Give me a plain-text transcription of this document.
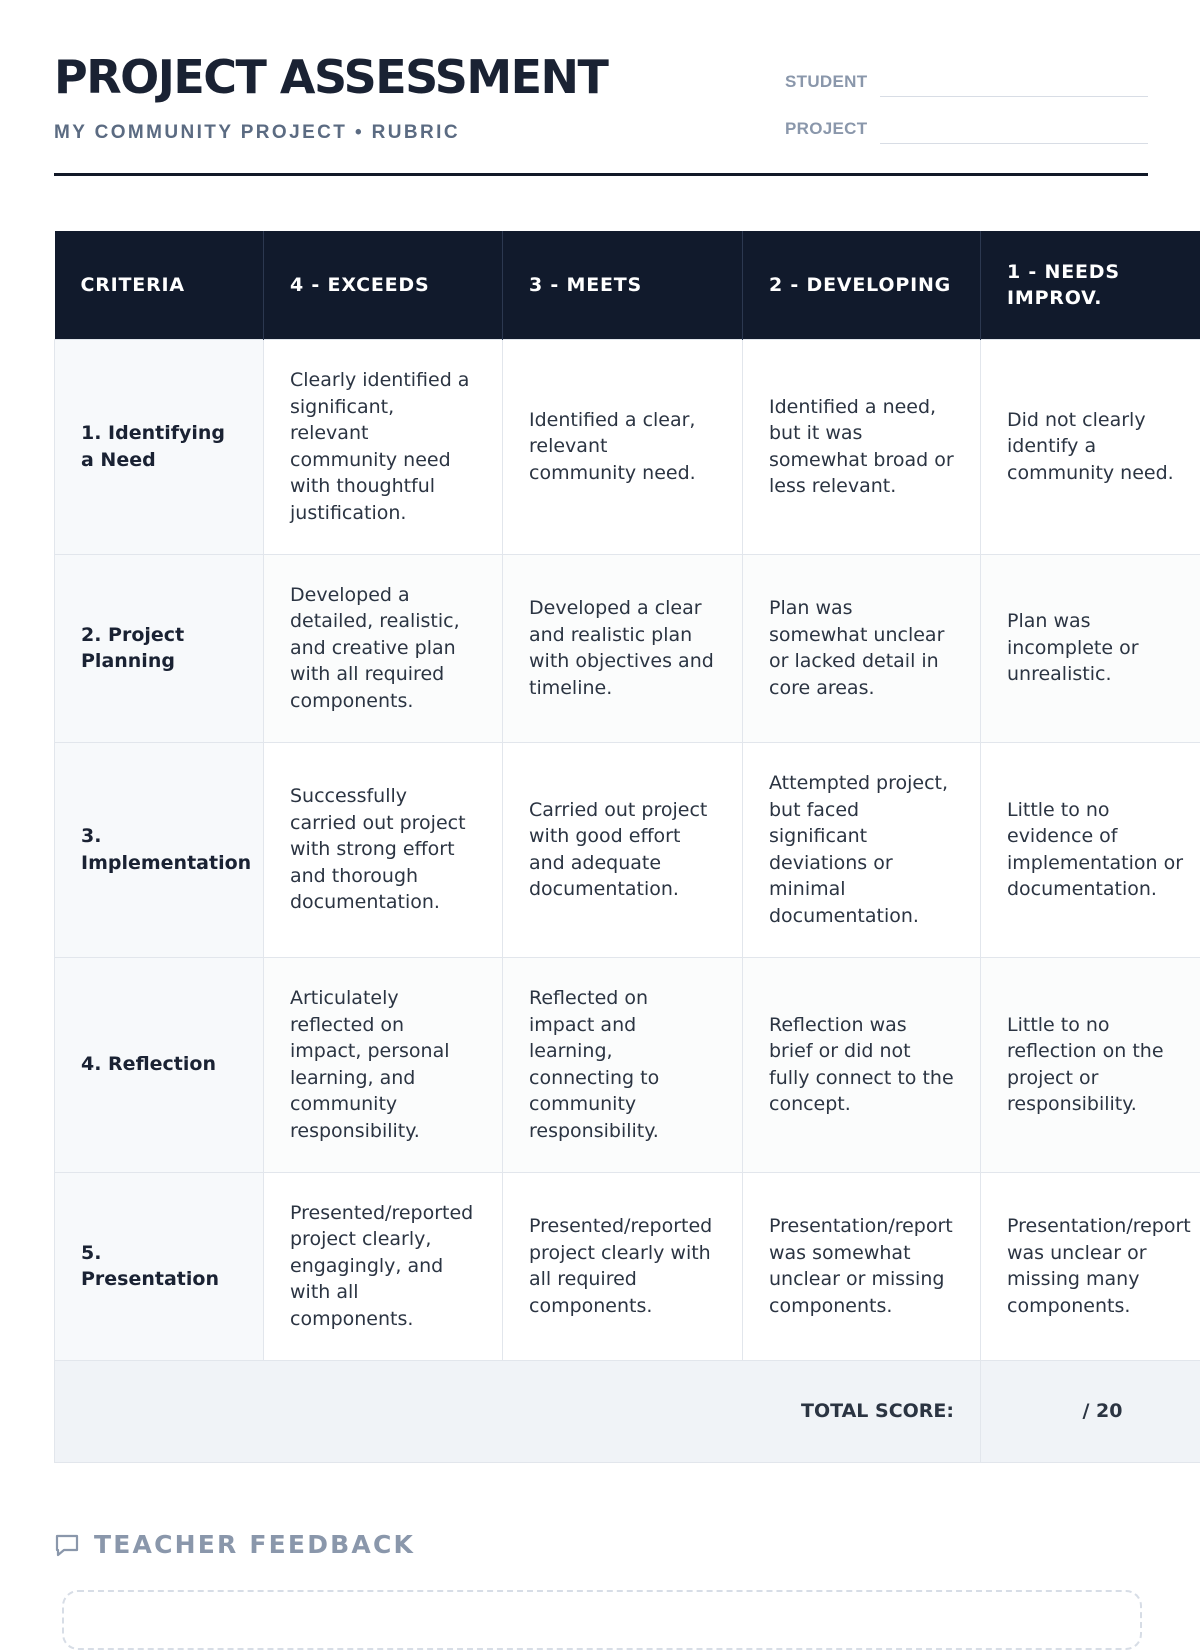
PROJECT ASSESSMENT
MY COMMUNITY PROJECT • RUBRIC
STUDENT
PROJECT
CRITERIA	4 - EXCEEDS	3 - MEETS	2 - DEVELOPING	1 - NEEDS IMPROV.
1. Identifying a Need	Clearly identified a significant, relevant community need with thoughtful justification.	Identified a clear, relevant community need.	Identified a need, but it was somewhat broad or less relevant.	Did not clearly identify a community need.
2. Project Planning	Developed a detailed, realistic, and creative plan with all required components.	Developed a clear and realistic plan with objectives and timeline.	Plan was somewhat unclear or lacked detail in core areas.	Plan was incomplete or unrealistic.
3. Implementation	Successfully carried out project with strong effort and thorough documentation.	Carried out project with good effort and adequate documentation.	Attempted project, but faced significant deviations or minimal documentation.	Little to no evidence of implementation or documentation.
4. Reflection	Articulately reflected on impact, personal learning, and community responsibility.	Reflected on impact and learning, connecting to community responsibility.	Reflection was brief or did not fully connect to the concept.	Little to no reflection on the project or responsibility.
5. Presentation	Presented/reported project clearly, engagingly, and with all components.	Presented/reported project clearly with all required components.	Presentation/report was somewhat unclear or missing components.	Presentation/report was unclear or missing many components.
TOTAL SCORE:				/ 20
TEACHER FEEDBACK
